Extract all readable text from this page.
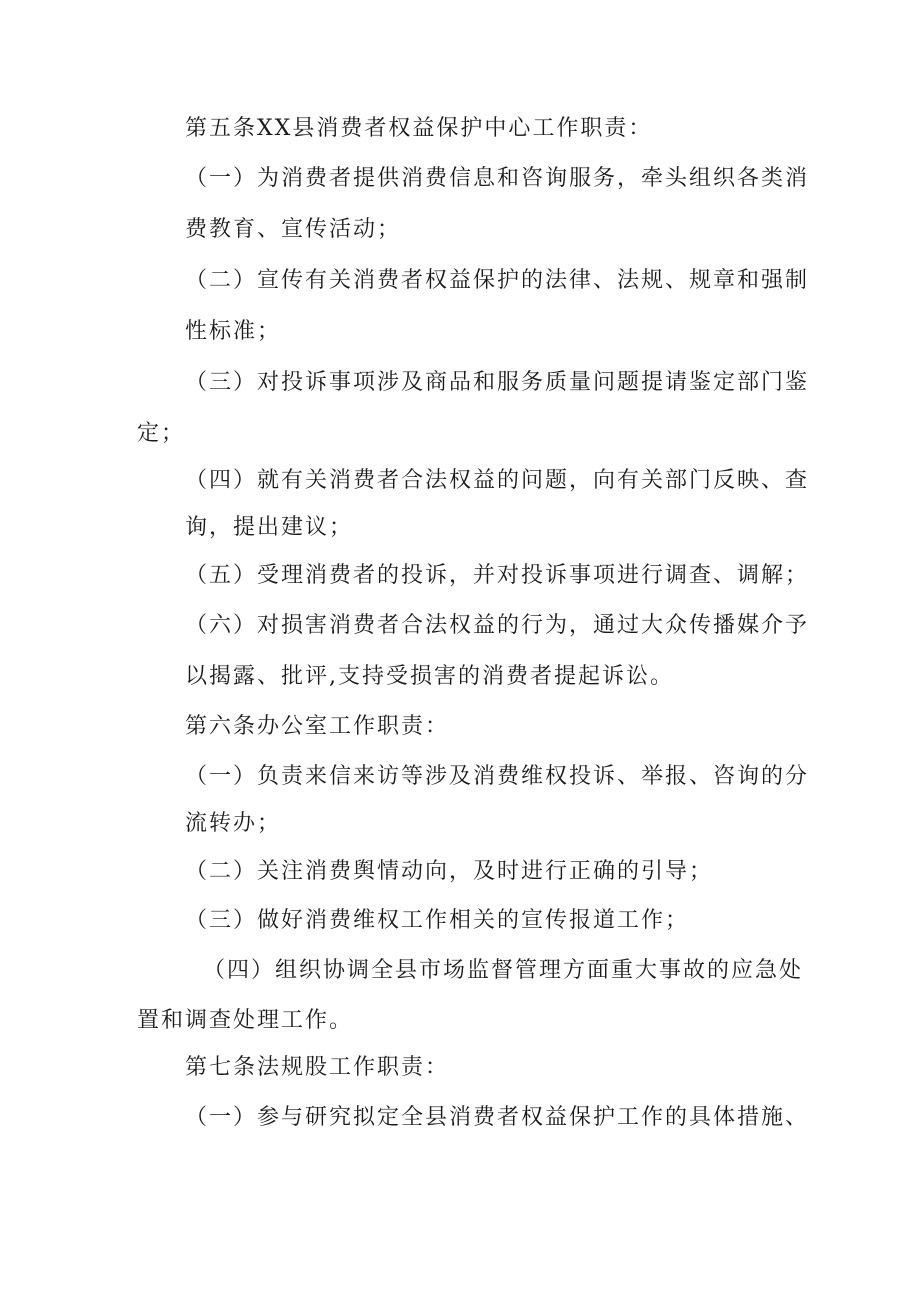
第五条XX县消费者权益保护中心工作职责：
（一）为消费者提供消费信息和咨询服务，牵头组织各类消
费教育、宣传活动；
（二）宣传有关消费者权益保护的法律、法规、规章和强制
性标准；
（三）对投诉事项涉及商品和服务质量问题提请鉴定部门鉴
定；
（四）就有关消费者合法权益的问题，向有关部门反映、查
询，提出建议；
（五）受理消费者的投诉，并对投诉事项进行调查、调解；
（六）对损害消费者合法权益的行为，通过大众传播媒介予
以揭露、批评,支持受损害的消费者提起诉讼。
第六条办公室工作职责：
（一）负责来信来访等涉及消费维权投诉、举报、咨询的分
流转办；
（二）关注消费舆情动向，及时进行正确的引导；
（三）做好消费维权工作相关的宣传报道工作；
（四）组织协调全县市场监督管理方面重大事故的应急处
置和调查处理工作。
第七条法规股工作职责：
（一）参与研究拟定全县消费者权益保护工作的具体措施、
